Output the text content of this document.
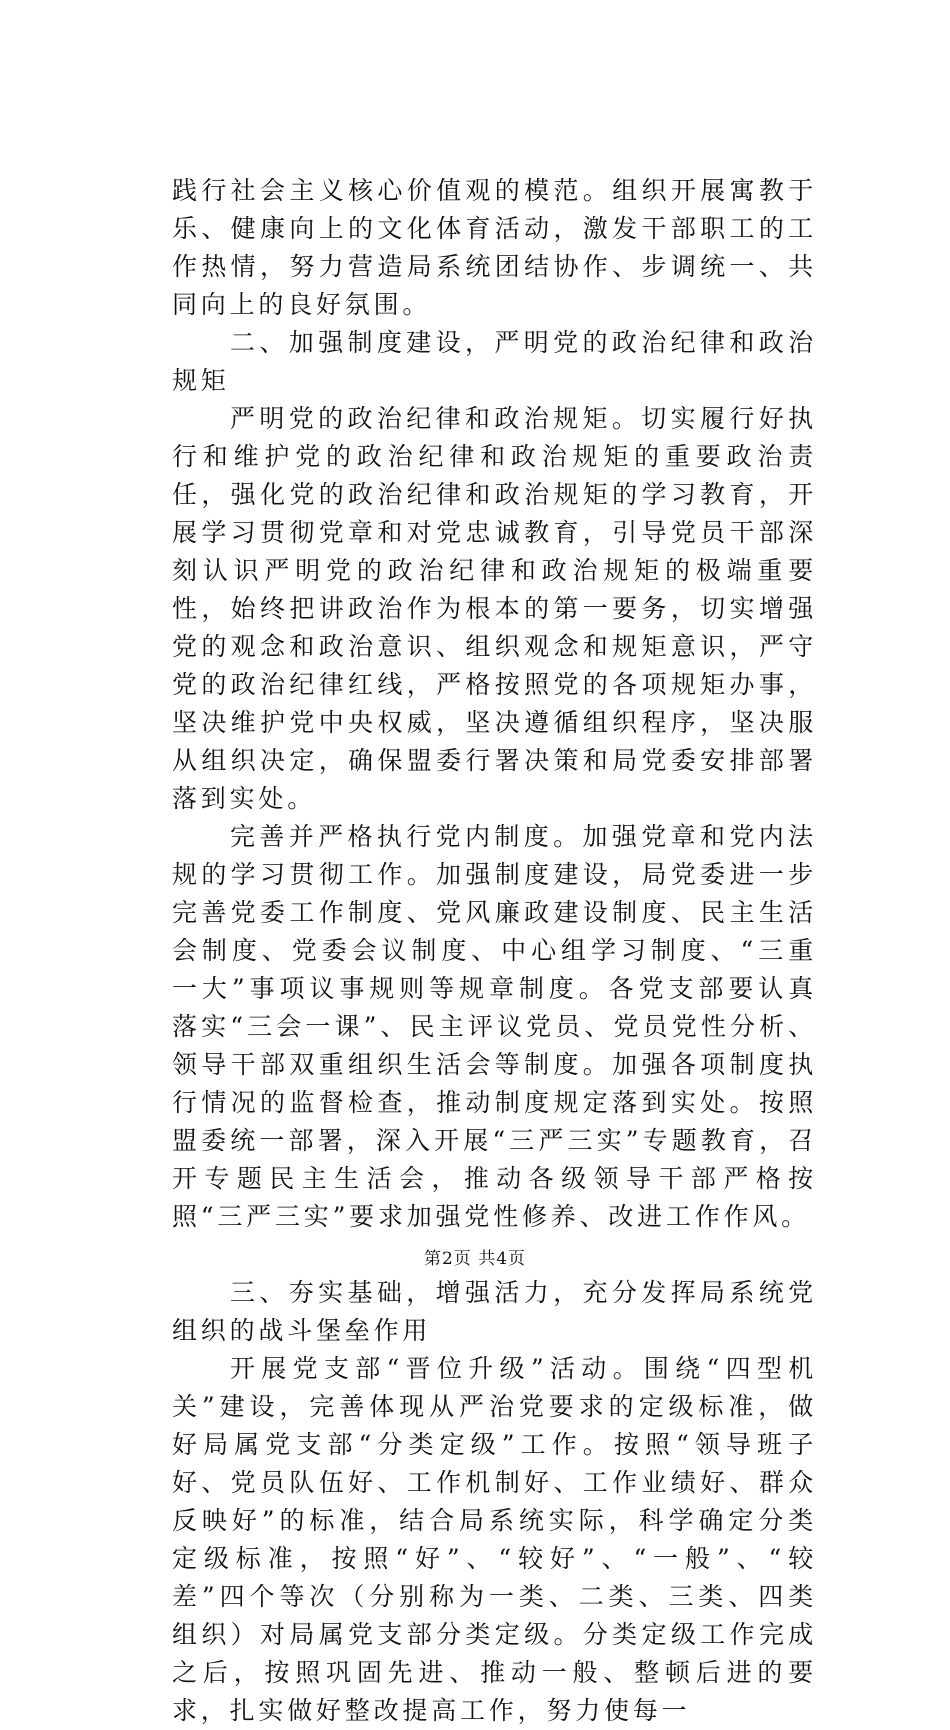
践行社会主义核心价值观的模范。组织开展寓教于乐、健康向上的文化体育活动，激发干部职工的工作热情，努力营造局系统团结协作、步调统一、共同向上的良好氛围。

二、加强制度建设，严明党的政治纪律和政治规矩

严明党的政治纪律和政治规矩。切实履行好执行和维护党的政治纪律和政治规矩的重要政治责任，强化党的政治纪律和政治规矩的学习教育，开展学习贯彻党章和对党忠诚教育，引导党员干部深刻认识严明党的政治纪律和政治规矩的极端重要性，始终把讲政治作为根本的第一要务，切实增强党的观念和政治意识、组织观念和规矩意识，严守党的政治纪律红线，严格按照党的各项规矩办事，坚决维护党中央权威，坚决遵循组织程序，坚决服从组织决定，确保盟委行署决策和局党委安排部署落到实处。

完善并严格执行党内制度。加强党章和党内法规的学习贯彻工作。加强制度建设，局党委进一步完善党委工作制度、党风廉政建设制度、民主生活会制度、党委会议制度、中心组学习制度、“三重一大”事项议事规则等规章制度。各党支部要认真落实“三会一课”、民主评议党员、党员党性分析、领导干部双重组织生活会等制度。加强各项制度执行情况的监督检查，推动制度规定落到实处。按照盟委统一部署，深入开展“三严三实”专题教育，召开专题民主生活会，推动各级领导干部严格按照“三严三实”要求加强党性修养、改进工作作风。

三、夯实基础，增强活力，充分发挥局系统党组织的战斗堡垒作用

开展党支部“晋位升级”活动。围绕“四型机关”建设，完善体现从严治党要求的定级标准，做好局属党支部“分类定级”工作。按照“领导班子好、党员队伍好、工作机制好、工作业绩好、群众反映好”的标准，结合局系统实际，科学确定分类定级标准，按照“好”、“较好”、“一般”、“较差”四个等次（分别称为一类、二类、三类、四类组织）对局属党支部分类定级。分类定级工作完成之后，按照巩固先进、推动一般、整顿后进的要求，扎实做好整改提高工作，努力使每一

第2页 共4页
